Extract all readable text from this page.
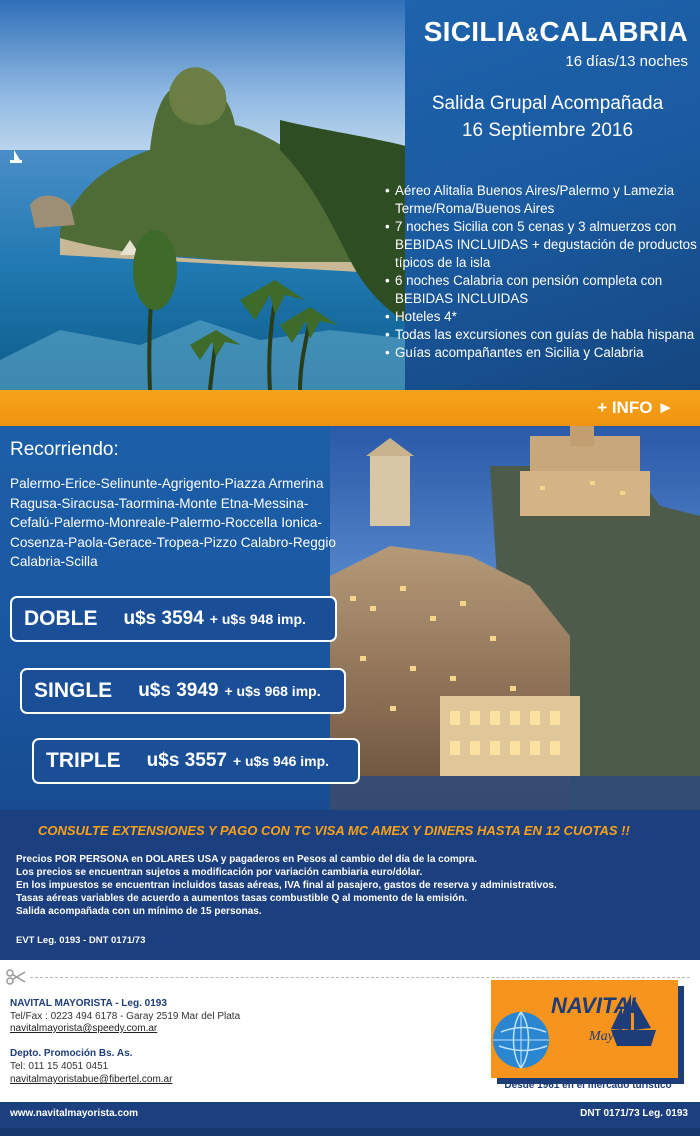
SICILIA&CALABRIA
16 días/13 noches
Salida Grupal Acompañada
16 Septiembre 2016
• Aéreo Alitalia Buenos Aires/Palermo y Lamezia Terme/Roma/Buenos Aires
• 7 noches Sicilia con 5 cenas y 3 almuerzos con BEBIDAS INCLUIDAS + degustación de productos típicos de la isla
• 6 noches Calabria con pensión completa con BEBIDAS INCLUIDAS
• Hoteles 4*
• Todas las excursiones con guías de habla hispana
• Guías acompañantes en Sicilia y Calabria
+ INFO ►
Recorriendo:
Palermo-Erice-Selinunte-Agrigento-Piazza Armerina Ragusa-Siracusa-Taormina-Monte Etna-Messina-Cefalú-Palermo-Monreale-Palermo-Roccella Ionica-Cosenza-Paola-Gerace-Tropea-Pizzo Calabro-Reggio Calabria-Scilla
DOBLE u$s 3594 + u$s 948 imp.
SINGLE u$s 3949 + u$s 968 imp.
TRIPLE u$s 3557 + u$s 946 imp.
CONSULTE EXTENSIONES Y PAGO CON TC VISA MC AMEX Y DINERS HASTA EN 12 CUOTAS !!
Precios POR PERSONA en DOLARES USA y pagaderos en Pesos al cambio del día de la compra.
Los precios se encuentran sujetos a modificación por variación cambiaria euro/dólar.
En los impuestos se encuentran incluidos tasas aéreas, IVA final al pasajero, gastos de reserva y administrativos.
Tasas aéreas variables de acuerdo a aumentos tasas combustible Q al momento de la emisión.
Salida acompañada con un mínimo de 15 personas.
EVT Leg. 0193 - DNT 0171/73
NAVITAL MAYORISTA - Leg. 0193
Tel/Fax : 0223 494 6178 - Garay 2519 Mar del Plata
navitalmayorista@speedy.com.ar
Depto. Promoción Bs. As.
Tel: 011 15 4051 0451
navitalmayoristabue@fibertel.com.ar
NAVITAL
Mayorista
Desde 1961 en el mercado turístico
www.navitalmayorista.com	DNT 0171/73 Leg. 0193
